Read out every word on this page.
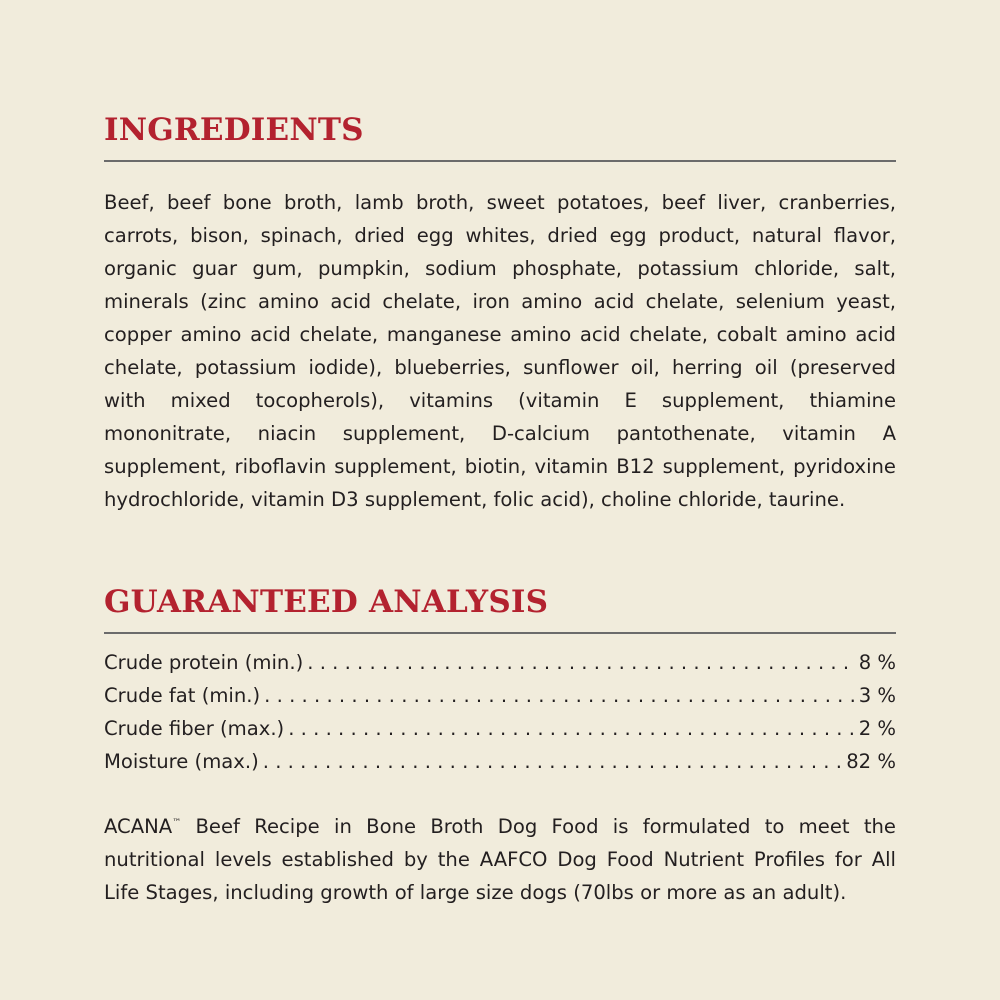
INGREDIENTS

Beef, beef bone broth, lamb broth, sweet potatoes, beef liver, cranberries, carrots, bison, spinach, dried egg whites, dried egg product, natural flavor, organic guar gum, pumpkin, sodium phosphate, potassium chloride, salt, minerals (zinc amino acid chelate, iron amino acid chelate, selenium yeast, copper amino acid chelate, manganese amino acid chelate, cobalt amino acid chelate, potassium iodide), blueberries, sunflower oil, herring oil (preserved with mixed tocopherols), vitamins (vitamin E supplement, thiamine mononitrate, niacin supplement, D-calcium pantothenate, vitamin A supplement, riboflavin supplement, biotin, vitamin B12 supplement, pyridoxine hydrochloride, vitamin D3 supplement, folic acid), choline chloride, taurine.

GUARANTEED ANALYSIS
Crude protein (min.) . . .	8 %
Crude fat (min.) . . .	3 %
Crude fiber (max.) . . .	2 %
Moisture (max.) . . .	82 %

ACANA™ Beef Recipe in Bone Broth Dog Food is formulated to meet the nutritional levels established by the AAFCO Dog Food Nutrient Profiles for All Life Stages, including growth of large size dogs (70lbs or more as an adult).
